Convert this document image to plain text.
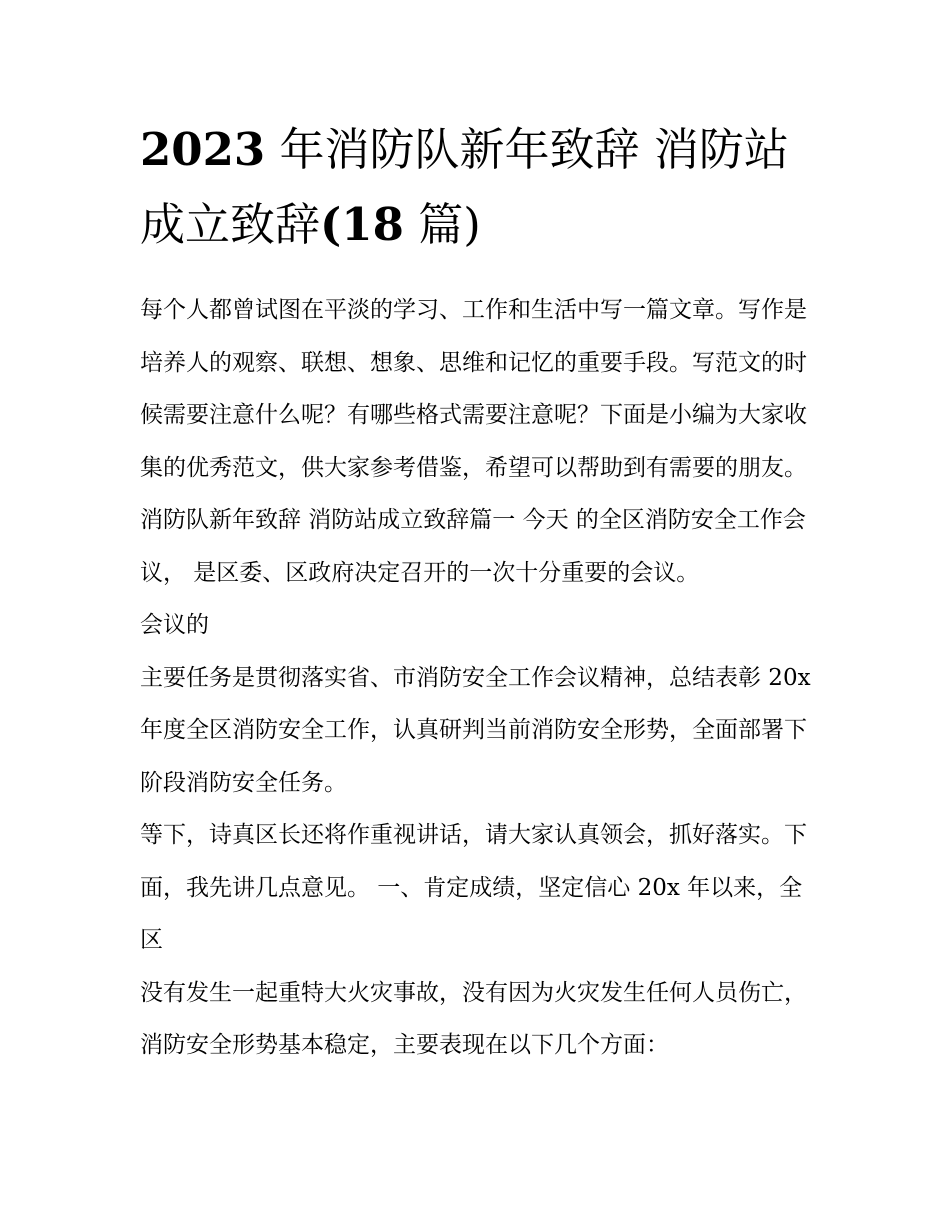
2023 年消防队新年致辞 消防站成立致辞(18 篇)

每个人都曾试图在平淡的学习、工作和生活中写一篇文章。写作是培养人的观察、联想、想象、思维和记忆的重要手段。写范文的时候需要注意什么呢？有哪些格式需要注意呢？下面是小编为大家收集的优秀范文，供大家参考借鉴，希望可以帮助到有需要的朋友。

消防队新年致辞 消防站成立致辞篇一 今天 的全区消防安全工作会议， 是区委、区政府决定召开的一次十分重要的会议。

会议的

主要任务是贯彻落实省、市消防安全工作会议精神，总结表彰 20x 年度全区消防安全工作，认真研判当前消防安全形势，全面部署下阶段消防安全任务。

等下，诗真区长还将作重视讲话，请大家认真领会，抓好落实。下面，我先讲几点意见。 一、肯定成绩，坚定信心 20x 年以来，全区

没有发生一起重特大火灾事故，没有因为火灾发生任何人员伤亡，消防安全形势基本稳定，主要表现在以下几个方面：
